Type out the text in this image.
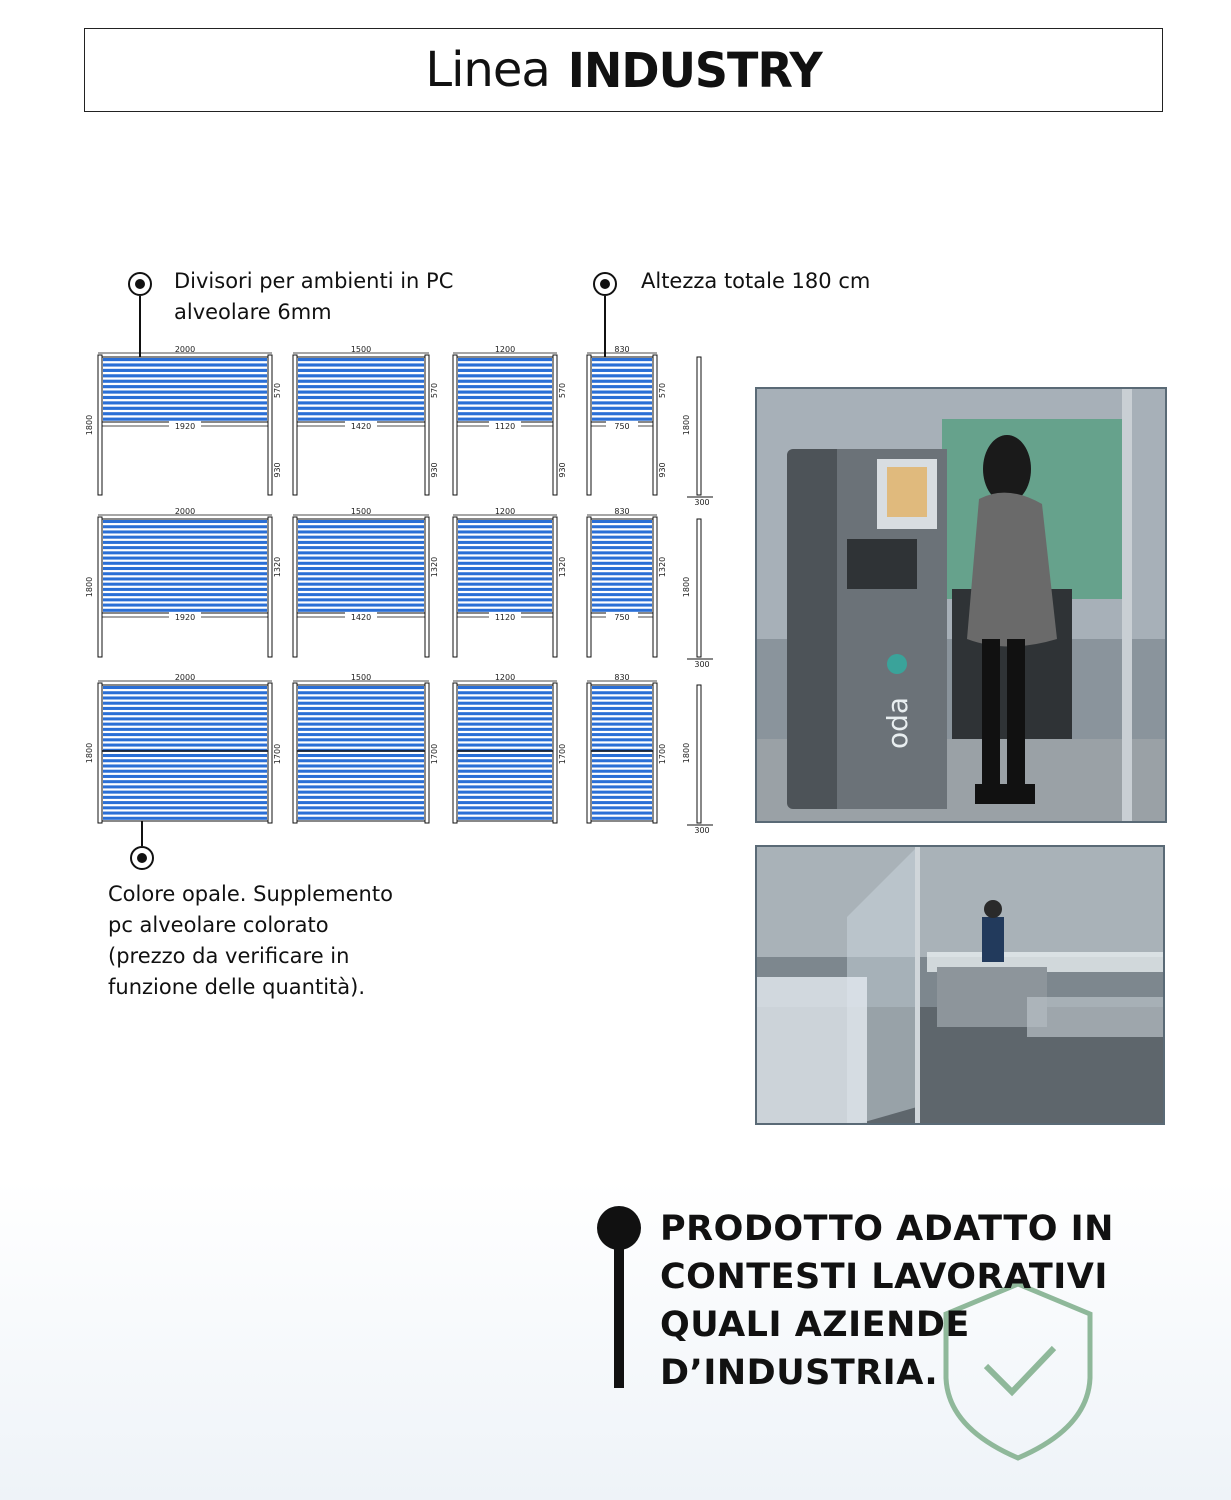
Linea INDUSTRY
Divisori per ambienti in PC alveolare 6mm
Altezza totale 180 cm
Colore opale. Supplemento pc alveolare colorato (prezzo da verificare in funzione delle quantità).
2000
1920
570
930
1500
1420
570
930
1200
1120
570
930
830
750
570
930
1800	1800
300
2000
1920
1320
1500
1420
1320
1200
1120
1320
830
750
1320
1800	1800
300
2000
1700
1500
1700
1200
1700
830
1700
1800	1800
300
oda
PRODOTTO ADATTO IN
CONTESTI LAVORATIVI
QUALI AZIENDE
D’INDUSTRIA.
